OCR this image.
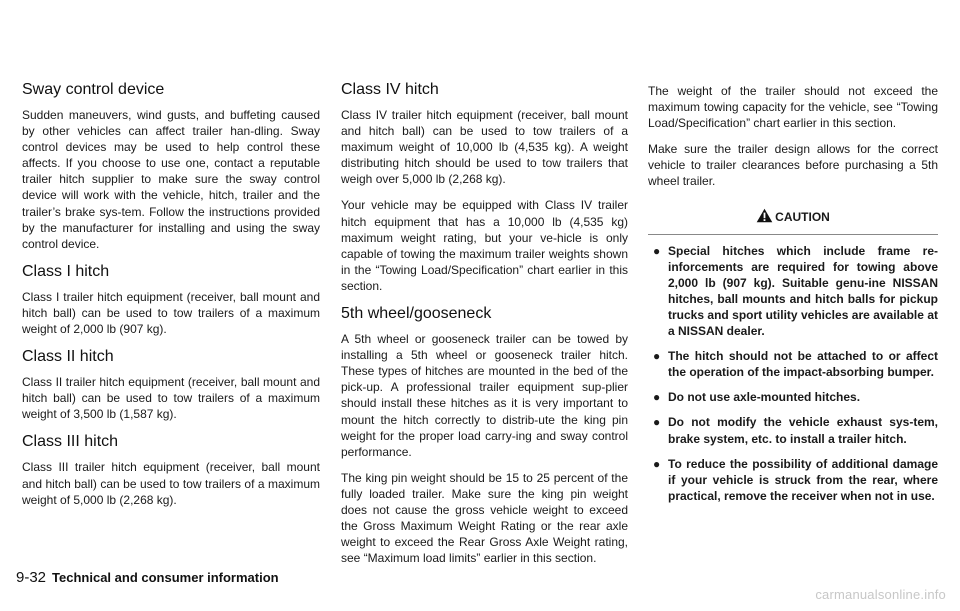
Sway control device

Sudden maneuvers, wind gusts, and buffeting caused by other vehicles can affect trailer han-dling. Sway control devices may be used to help control these affects. If you choose to use one, contact a reputable trailer hitch supplier to make sure the sway control device will work with the vehicle, hitch, trailer and the trailer’s brake sys-tem. Follow the instructions provided by the manufacturer for installing and using the sway control device.

Class I hitch

Class I trailer hitch equipment (receiver, ball mount and hitch ball) can be used to tow trailers of a maximum weight of 2,000 lb (907 kg).

Class II hitch

Class II trailer hitch equipment (receiver, ball mount and hitch ball) can be used to tow trailers of a maximum weight of 3,500 lb (1,587 kg).

Class III hitch

Class III trailer hitch equipment (receiver, ball mount and hitch ball) can be used to tow trailers of a maximum weight of 5,000 lb (2,268 kg).

Class IV hitch

Class IV trailer hitch equipment (receiver, ball mount and hitch ball) can be used to tow trailers of a maximum weight of 10,000 lb (4,535 kg). A weight distributing hitch should be used to tow trailers that weigh over 5,000 lb (2,268 kg).

Your vehicle may be equipped with Class IV trailer hitch equipment that has a 10,000 lb (4,535 kg) maximum weight rating, but your ve-hicle is only capable of towing the maximum trailer weights shown in the “Towing Load/Specification” chart earlier in this section.

5th wheel/gooseneck

A 5th wheel or gooseneck trailer can be towed by installing a 5th wheel or gooseneck trailer hitch. These types of hitches are mounted in the bed of the pick-up. A professional trailer equipment sup-plier should install these hitches as it is very important to mount the hitch correctly to distrib-ute the king pin weight for the proper load carry-ing and sway control performance.

The king pin weight should be 15 to 25 percent of the fully loaded trailer. Make sure the king pin weight does not cause the gross vehicle weight to exceed the Gross Maximum Weight Rating or the rear axle weight to exceed the Rear Gross Axle Weight rating, see “Maximum load limits” earlier in this section.

The weight of the trailer should not exceed the maximum towing capacity for the vehicle, see “Towing Load/Specification” chart earlier in this section.

Make sure the trailer design allows for the correct vehicle to trailer clearances before purchasing a 5th wheel trailer.

CAUTION
● Special hitches which include frame re-inforcements are required for towing above 2,000 lb (907 kg). Suitable genu-ine NISSAN hitches, ball mounts and hitch balls for pickup trucks and sport utility vehicles are available at a NISSAN dealer.
● The hitch should not be attached to or affect the operation of the impact-absorbing bumper.
● Do not use axle-mounted hitches.
● Do not modify the vehicle exhaust sys-tem, brake system, etc. to install a trailer hitch.
● To reduce the possibility of additional damage if your vehicle is struck from the rear, where practical, remove the receiver when not in use.
9-32 Technical and consumer information
carmanualsonline.info
